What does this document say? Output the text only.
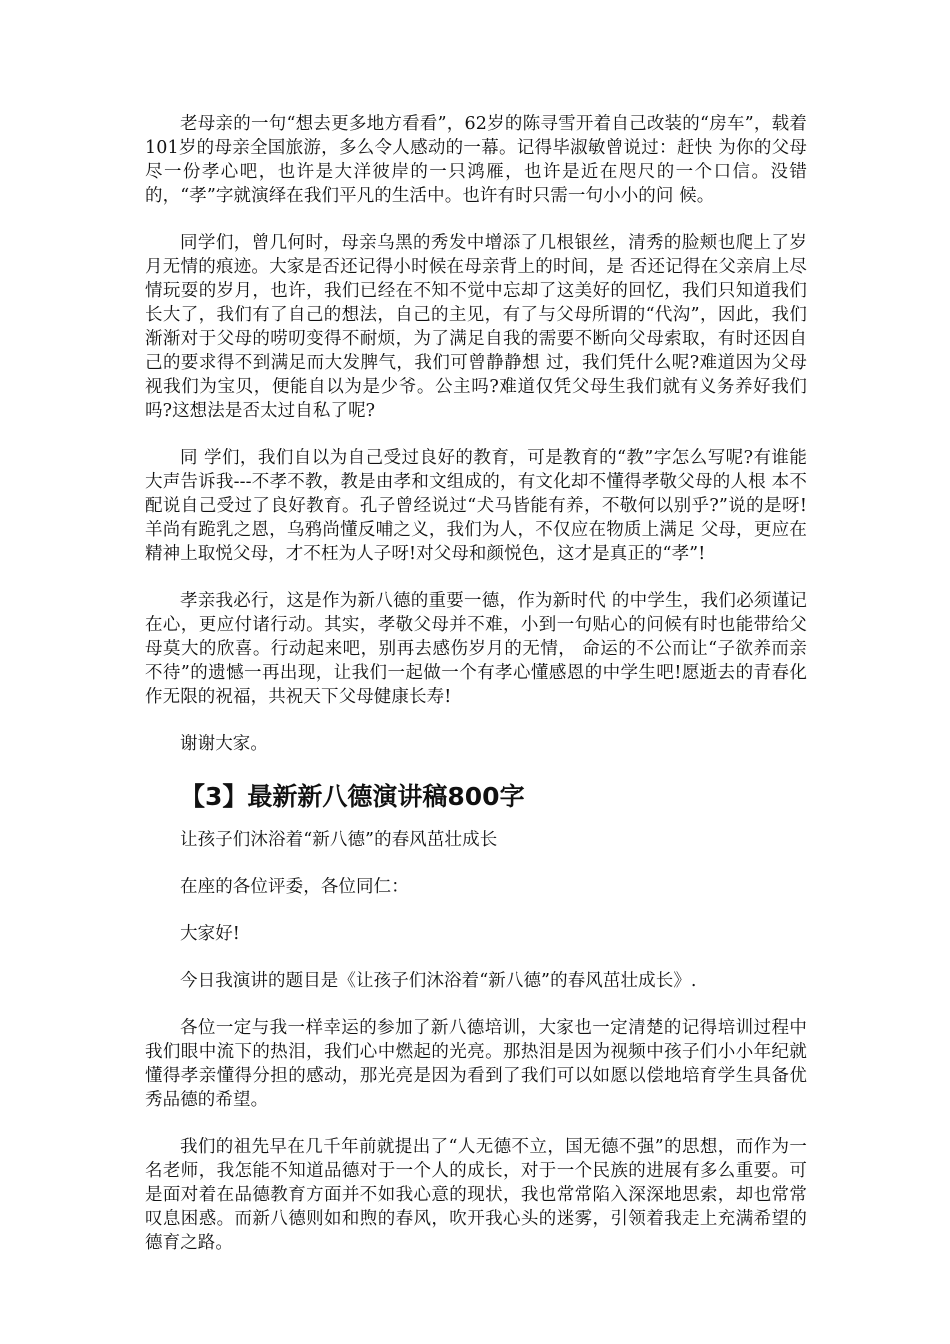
老母亲的一句“想去更多地方看看”，62岁的陈寻雪开着自己改装的“房车”，载着101岁的母亲全国旅游，多么令人感动的一幕。记得毕淑敏曾说过：赶快 为你的父母尽一份孝心吧，也许是大洋彼岸的一只鸿雁，也许是近在咫尺的一个口信。没错的，“孝”字就演绎在我们平凡的生活中。也许有时只需一句小小的问 候。

同学们，曾几何时，母亲乌黑的秀发中增添了几根银丝，清秀的脸颊也爬上了岁月无情的痕迹。大家是否还记得小时候在母亲背上的时间，是 否还记得在父亲肩上尽情玩耍的岁月，也许，我们已经在不知不觉中忘却了这美好的回忆，我们只知道我们长大了，我们有了自己的想法，自己的主见，有了与父母所谓的“代沟”，因此，我们渐渐对于父母的唠叨变得不耐烦，为了满足自我的需要不断向父母索取，有时还因自己的要求得不到满足而大发脾气，我们可曾静静想 过，我们凭什么呢?难道因为父母视我们为宝贝，便能自以为是少爷。公主吗?难道仅凭父母生我们就有义务养好我们吗?这想法是否太过自私了呢?

同 学们，我们自以为自己受过良好的教育，可是教育的“教”字怎么写呢?有谁能大声告诉我---不孝不教，教是由孝和文组成的，有文化却不懂得孝敬父母的人根 本不配说自己受过了良好教育。孔子曾经说过“犬马皆能有养，不敬何以别乎?”说的是呀!羊尚有跪乳之恩，乌鸦尚懂反哺之义，我们为人，不仅应在物质上满足 父母，更应在精神上取悦父母，才不枉为人子呀!对父母和颜悦色，这才是真正的“孝”!

孝亲我必行，这是作为新八德的重要一德，作为新时代 的中学生，我们必须谨记在心，更应付诸行动。其实，孝敬父母并不难，小到一句贴心的问候有时也能带给父母莫大的欣喜。行动起来吧，别再去感伤岁月的无情， 命运的不公而让“子欲养而亲不待”的遗憾一再出现，让我们一起做一个有孝心懂感恩的中学生吧!愿逝去的青春化作无限的祝福，共祝天下父母健康长寿!

谢谢大家。

【3】最新新八德演讲稿800字

让孩子们沐浴着“新八德”的春风茁壮成长

在座的各位评委，各位同仁：

大家好!

今日我演讲的题目是《让孩子们沐浴着“新八德”的春风茁壮成长》.

各位一定与我一样幸运的参加了新八德培训，大家也一定清楚的记得培训过程中我们眼中流下的热泪，我们心中燃起的光亮。那热泪是因为视频中孩子们小小年纪就懂得孝亲懂得分担的感动，那光亮是因为看到了我们可以如愿以偿地培育学生具备优秀品德的希望。

我们的祖先早在几千年前就提出了“人无德不立，国无德不强”的思想，而作为一名老师，我怎能不知道品德对于一个人的成长，对于一个民族的进展有多么重要。可是面对着在品德教育方面并不如我心意的现状，我也常常陷入深深地思索，却也常常叹息困惑。而新八德则如和煦的春风，吹开我心头的迷雾，引领着我走上充满希望的德育之路。
